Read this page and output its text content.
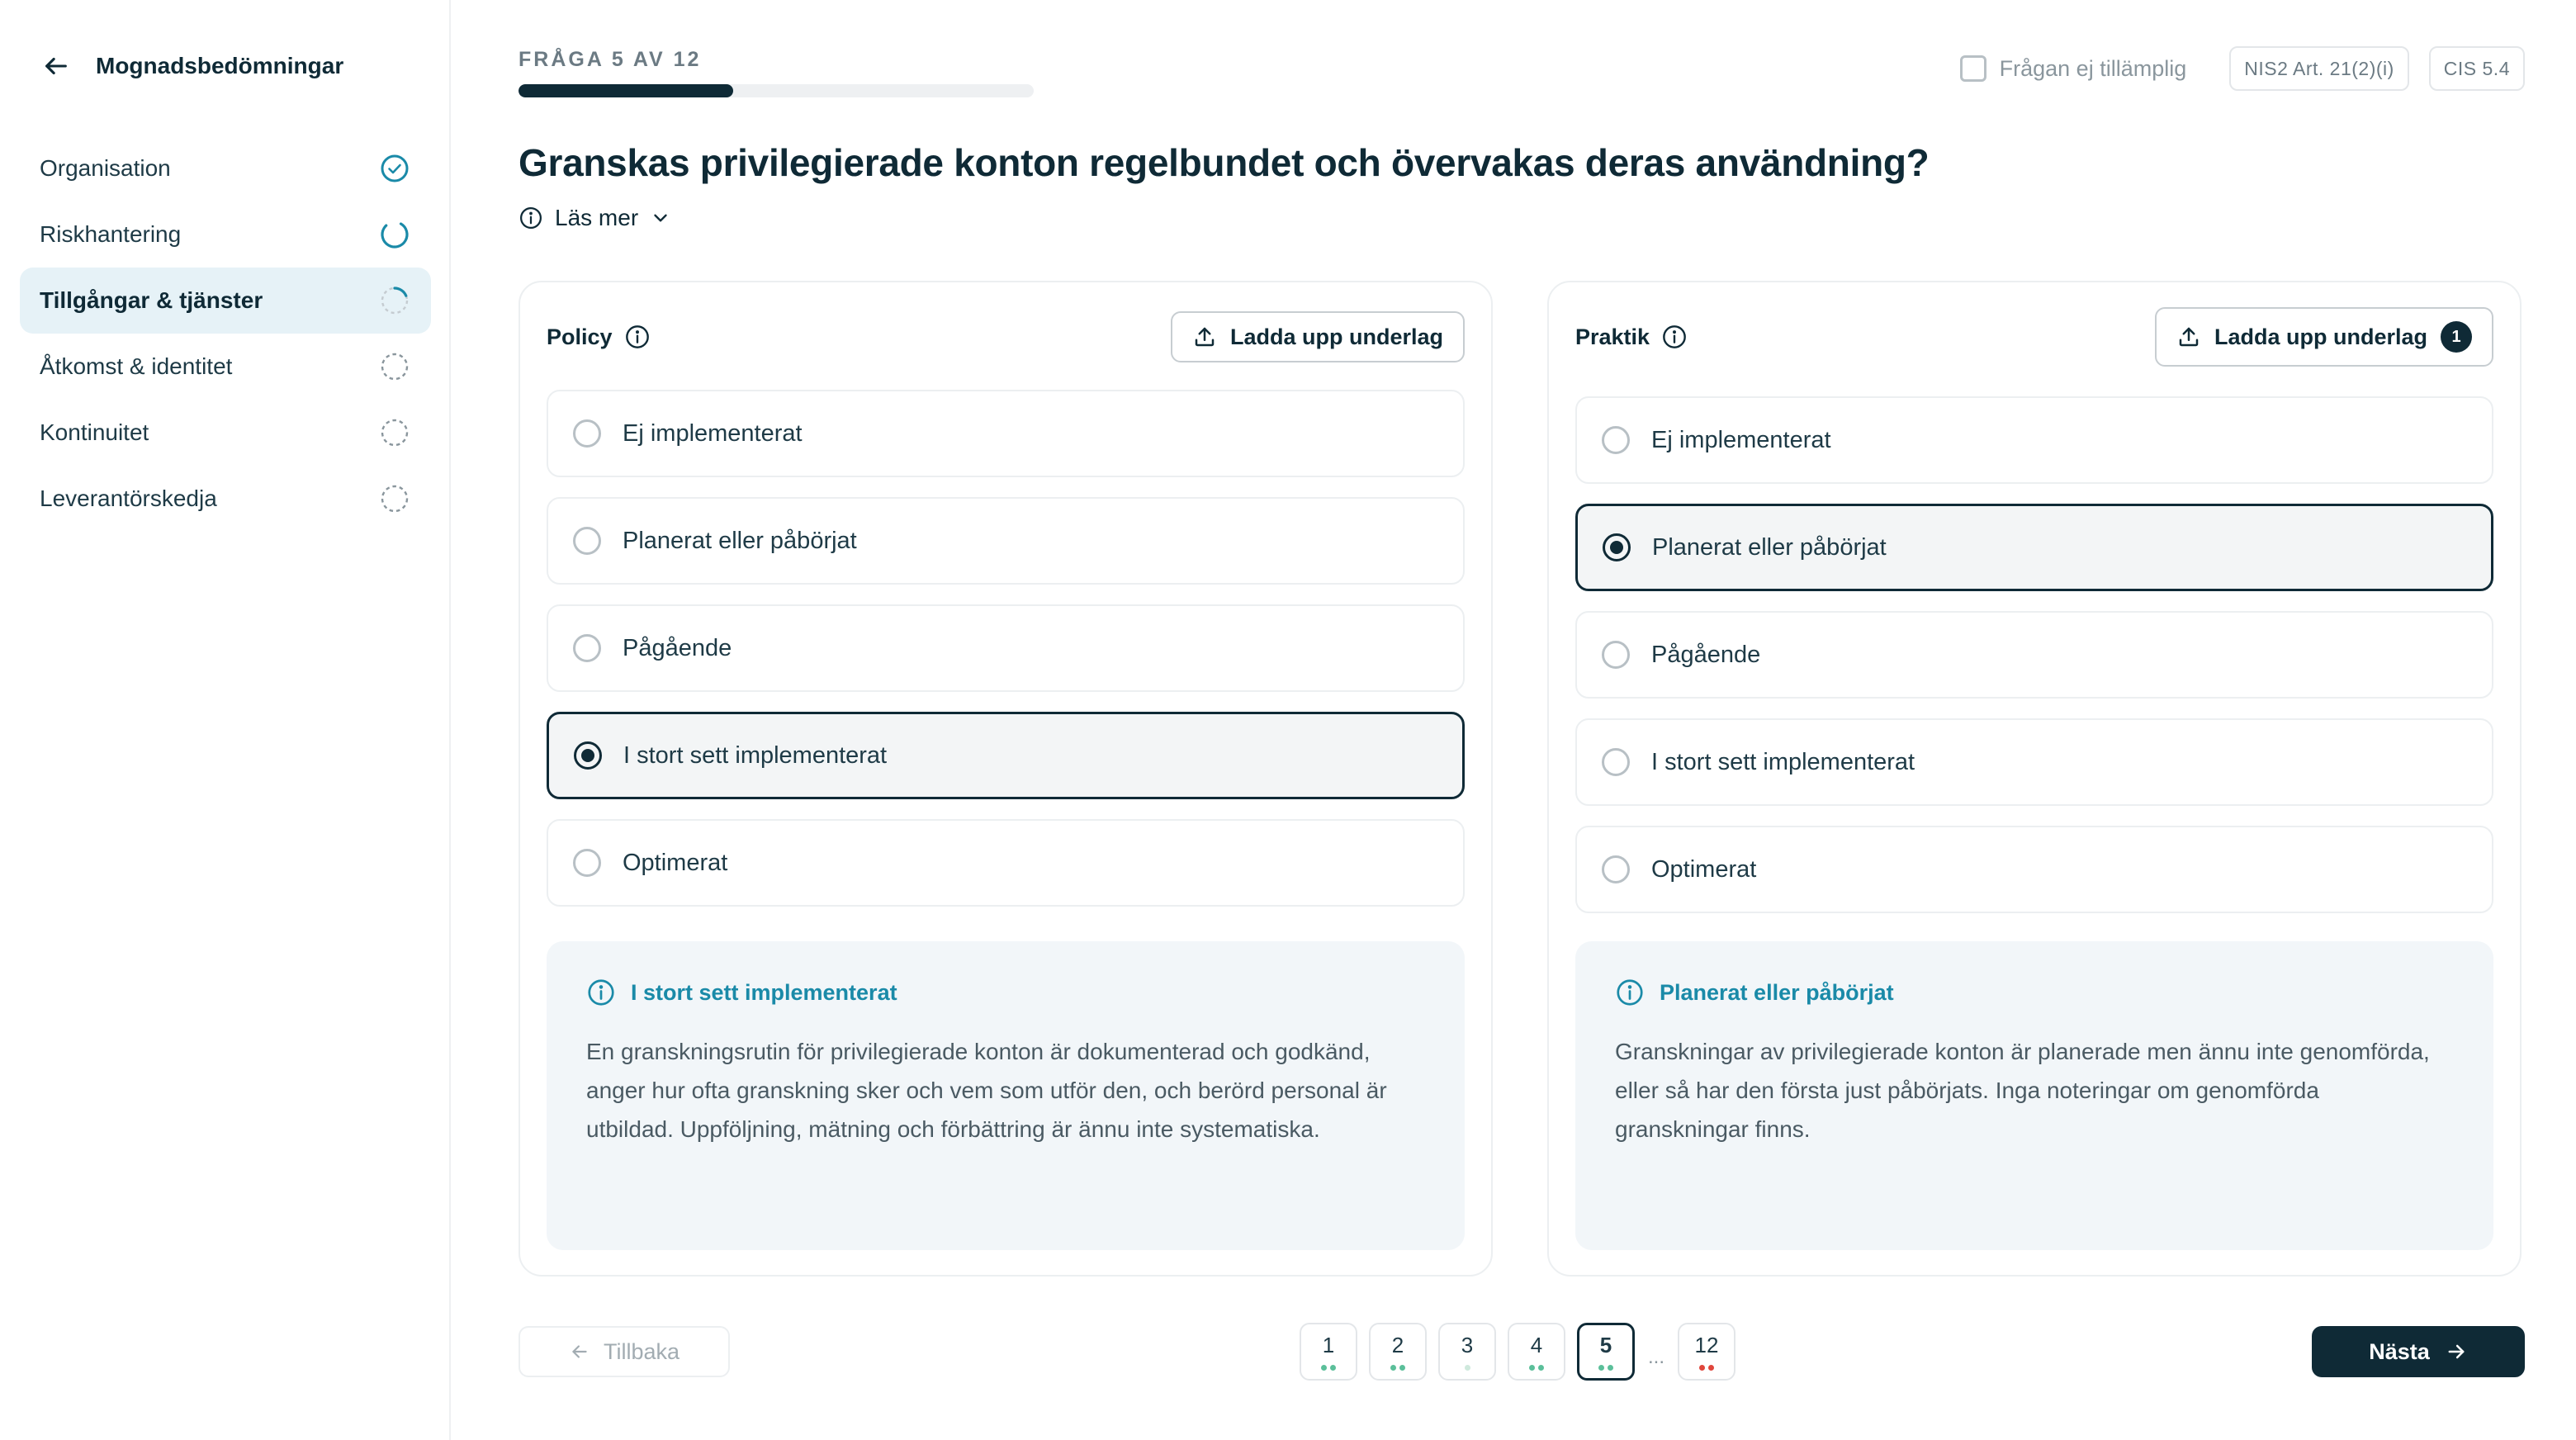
Mognadsbedömningar
Organisation
Riskhantering
Tillgångar & tjänster
Åtkomst & identitet
Kontinuitet
Leverantörskedja
FRÅGA 5 AV 12	Frågan ej tillämplig	NIS2 Art. 21(2)(i)	CIS 5.4
Granskas privilegierade konton regelbundet och övervakas deras användning?
Läs mer
Policy	Ladda upp underlag
Ej implementerat
Planerat eller påbörjat
Pågående
I stort sett implementerat
Optimerat
I stort sett implementerat

En granskningsrutin för privilegierade konton är dokumenterad och godkänd, anger hur ofta granskning sker och vem som utför den, och berörd personal är utbildad. Uppföljning, mätning och förbättring är ännu inte systematiska.

Praktik	Ladda upp underlag	1
Ej implementerat
Planerat eller påbörjat
Pågående
I stort sett implementerat
Optimerat
Planerat eller påbörjat

Granskningar av privilegierade konton är planerade men ännu inte genomförda, eller så har den första just påbörjats. Inga noteringar om genomförda granskningar finns.

Tillbaka	1	2	3	4	5 ... 12	Nästa
